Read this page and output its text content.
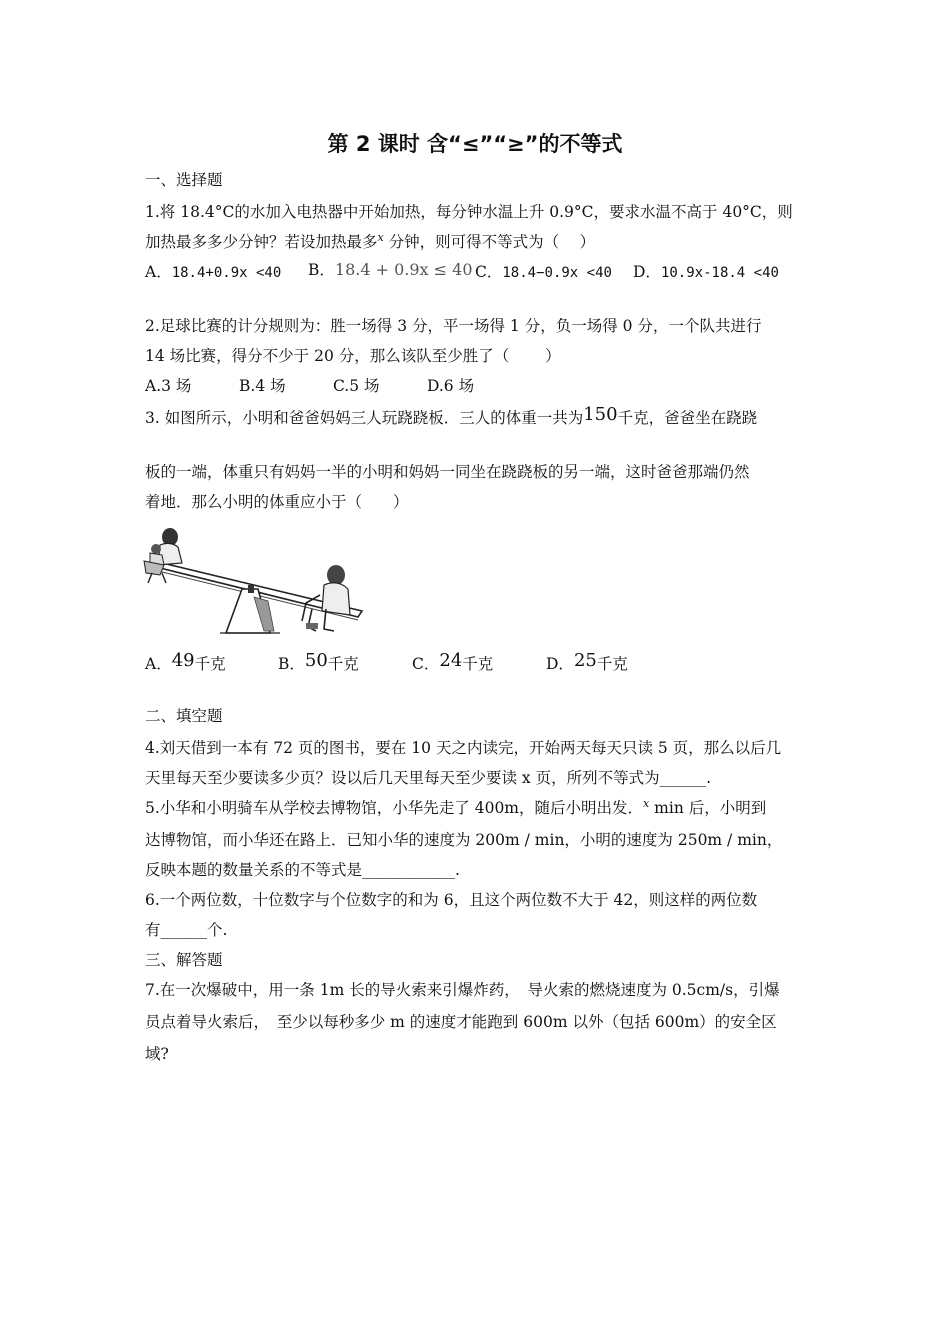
第 2 课时 含“≤”“≥”的不等式
一、选择题
1.将 18.4°C的水加入电热器中开始加热，每分钟水温上升 0.9°C，要求水温不高于 40°C，则
加热最多多少分钟？若设加热最多$^x$ 分钟，则可得不等式为（　 ）
A．18.4+0.9x <40 B．18.4 + 0.9x ≤ 40 C．18.4−0.9x <40 D．10.9x-18.4 <40
2.足球比赛的计分规则为：胜一场得 3 分，平一场得 1 分，负一场得 0 分，一个队共进行
14 场比赛，得分不少于 20 分，那么该队至少胜了（　　 ）
A.3 场	B.4 场	C.5 场	D.6 场
3. 如图所示，小明和爸爸妈妈三人玩跷跷板．三人的体重一共为150千克，爸爸坐在跷跷
板的一端，体重只有妈妈一半的小明和妈妈一同坐在跷跷板的另一端，这时爸爸那端仍然
着地．那么小明的体重应小于（　　）
A．49千克	B．50千克	C．24千克	D．25千克
二、填空题
4.刘天借到一本有 72 页的图书，要在 10 天之内读完，开始两天每天只读 5 页，那么以后几
天里每天至少要读多少页？设以后几天里每天至少要读 x 页，所列不等式为______.
5.小华和小明骑车从学校去博物馆，小华先走了 400m，随后小明出发．$^x$ min 后，小明到
达博物馆，而小华还在路上．已知小华的速度为 200m / min，小明的速度为 250m / min，
反映本题的数量关系的不等式是____________.
6.一个两位数，十位数字与个位数字的和为 6，且这个两位数不大于 42，则这样的两位数
有______个.
三、解答题
7.在一次爆破中，用一条 1m 长的导火索来引爆炸药，　导火索的燃烧速度为 0.5cm/s，引爆
员点着导火索后，　至少以每秒多少 m 的速度才能跑到 600m 以外（包括 600m）的安全区
域?
